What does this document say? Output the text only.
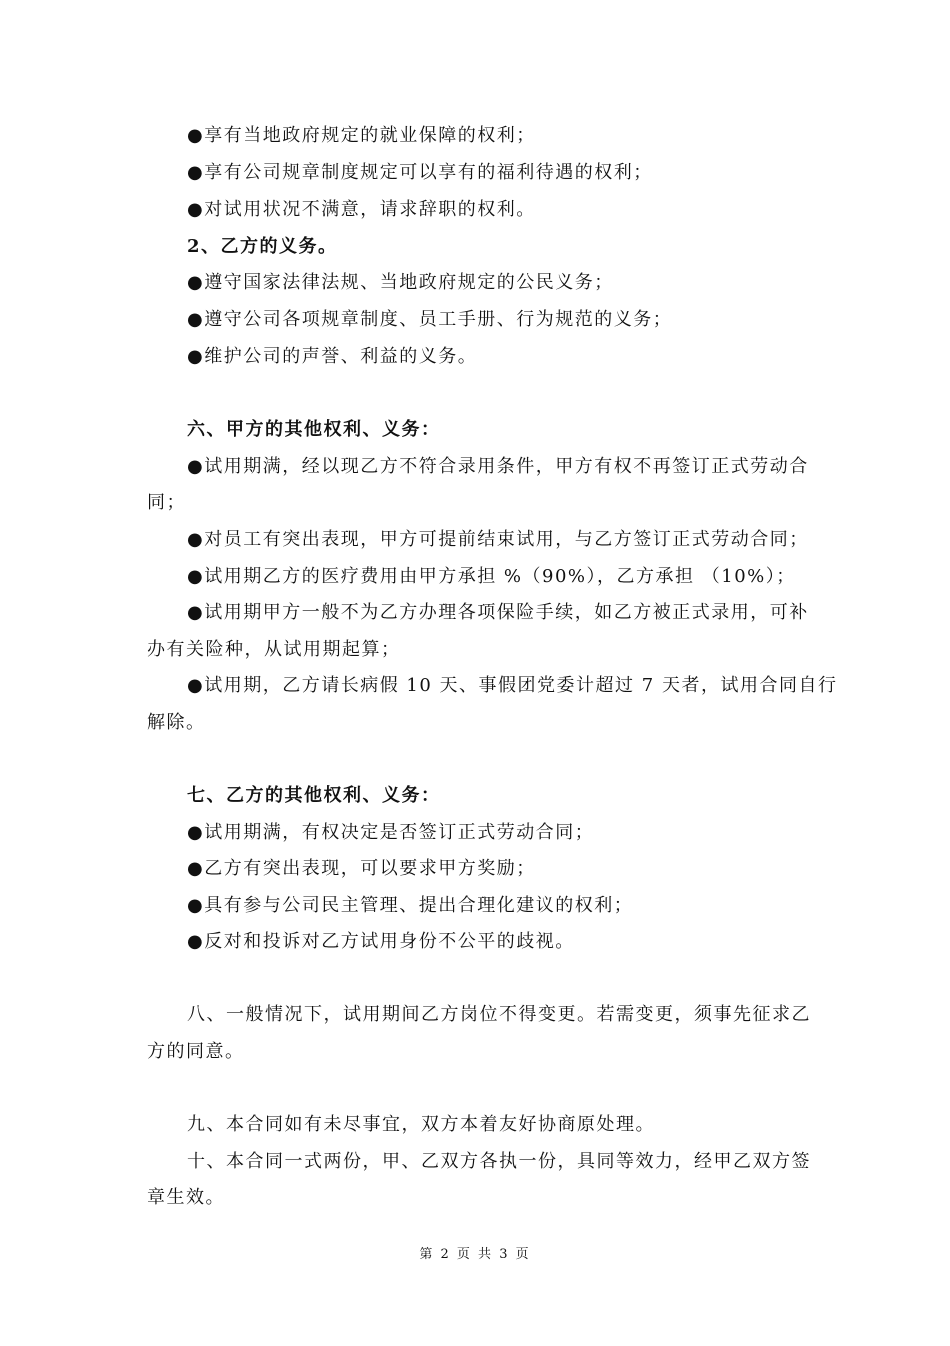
●享有当地政府规定的就业保障的权利；
●享有公司规章制度规定可以享有的福利待遇的权利；
●对试用状况不满意，请求辞职的权利。
2、乙方的义务。
●遵守国家法律法规、当地政府规定的公民义务；
●遵守公司各项规章制度、员工手册、行为规范的义务；
●维护公司的声誉、利益的义务。
六、甲方的其他权利、义务：
●试用期满，经以现乙方不符合录用条件，甲方有权不再签订正式劳动合
同；
●对员工有突出表现，甲方可提前结束试用，与乙方签订正式劳动合同；
●试用期乙方的医疗费用由甲方承担 %（90%），乙方承担 （10%）；
●试用期甲方一般不为乙方办理各项保险手续，如乙方被正式录用，可补
办有关险种，从试用期起算；
●试用期，乙方请长病假 10 天、事假团党委计超过 7 天者，试用合同自行
解除。
七、乙方的其他权利、义务：
●试用期满，有权决定是否签订正式劳动合同；
●乙方有突出表现，可以要求甲方奖励；
●具有参与公司民主管理、提出合理化建议的权利；
●反对和投诉对乙方试用身份不公平的歧视。
八、一般情况下，试用期间乙方岗位不得变更。若需变更，须事先征求乙
方的同意。
九、本合同如有未尽事宜，双方本着友好协商原处理。
十、本合同一式两份，甲、乙双方各执一份，具同等效力，经甲乙双方签
章生效。
第 2 页 共 3 页
